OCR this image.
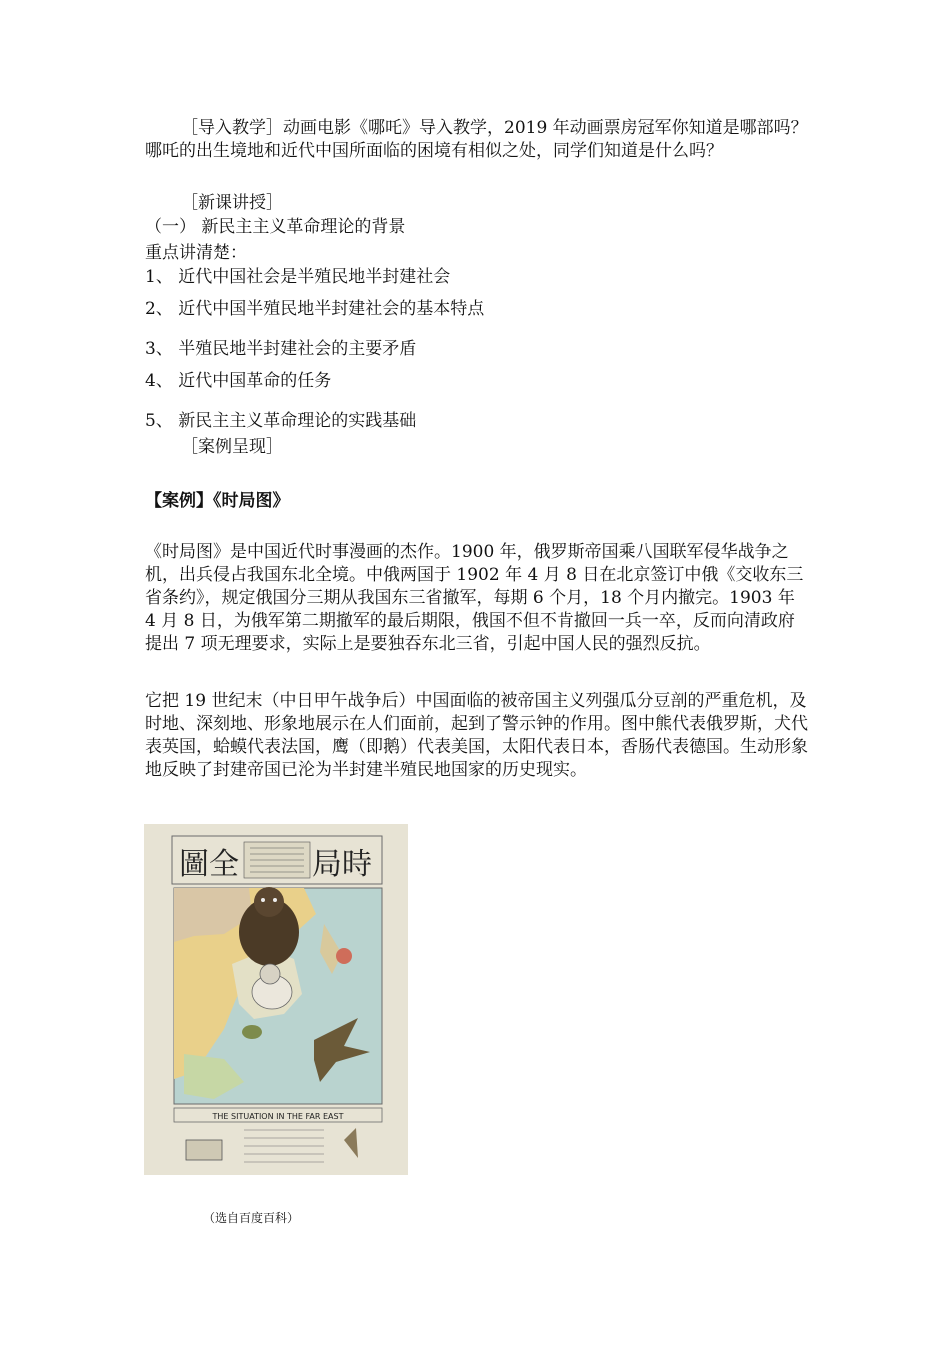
［导入教学］动画电影《哪吒》导入教学，2019 年动画票房冠军你知道是哪部吗？哪吒的出生境地和近代中国所面临的困境有相似之处，同学们知道是什么吗？
［新课讲授］
（一） 新民主主义革命理论的背景
重点讲清楚：
1、 近代中国社会是半殖民地半封建社会
2、 近代中国半殖民地半封建社会的基本特点
3、 半殖民地半封建社会的主要矛盾
4、 近代中国革命的任务
5、 新民主主义革命理论的实践基础
［案例呈现］
【案例】《时局图》
《时局图》是中国近代时事漫画的杰作。1900 年，俄罗斯帝国乘八国联军侵华战争之机，出兵侵占我国东北全境。中俄两国于 1902 年 4 月 8 日在北京签订中俄《交收东三省条约》，规定俄国分三期从我国东三省撤军，每期 6 个月，18 个月内撤完。1903 年 4 月 8 日，为俄军第二期撤军的最后期限，俄国不但不肯撤回一兵一卒，反而向清政府提出 7 项无理要求，实际上是要独吞东北三省，引起中国人民的强烈反抗。
它把 19 世纪末（中日甲午战争后）中国面临的被帝国主义列强瓜分豆剖的严重危机，及时地、深刻地、形象地展示在人们面前，起到了警示钟的作用。图中熊代表俄罗斯，犬代表英国，蛤蟆代表法国，鹰（即鹅）代表美国，太阳代表日本，香肠代表德国。生动形象地反映了封建帝国已沦为半封建半殖民地国家的历史现实。
圖全 局時
THE SITUATION IN THE FAR EAST
（选自百度百科）
